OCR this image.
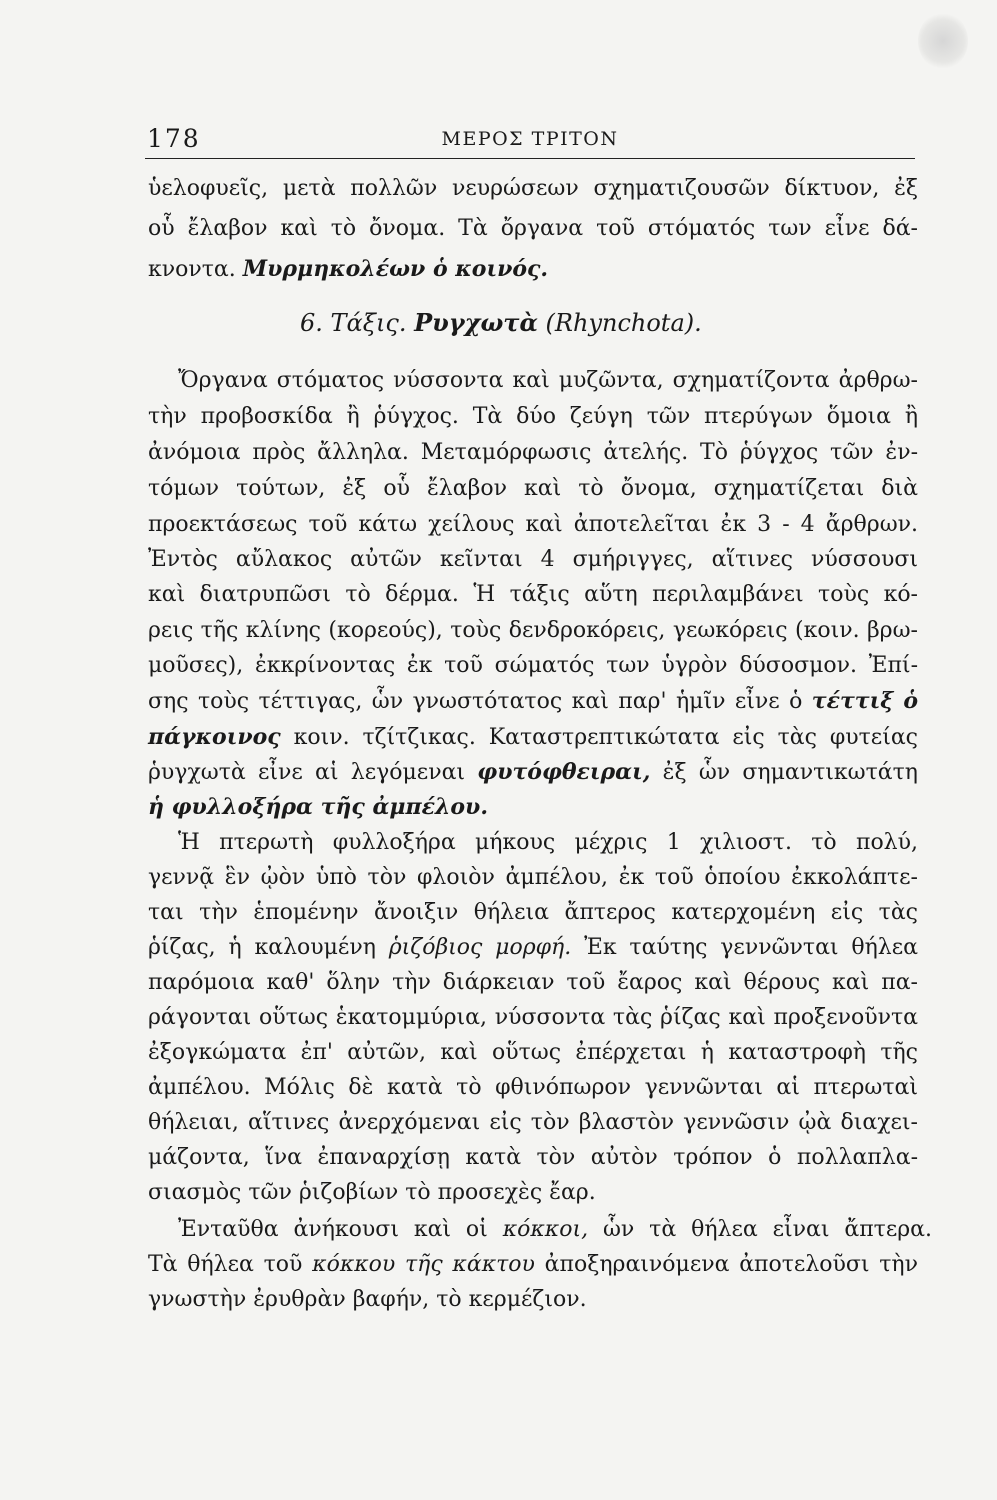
178	ΜΕΡΟΣ ΤΡΙΤΟΝ
ὑελοφυεῖς, μετὰ πολλῶν νευρώσεων σχηματιζουσῶν δίκτυον, ἐξ
οὗ ἔλαβον καὶ τὸ ὄνομα. Τὰ ὄργανα τοῦ στόματός των εἶνε δά-
κνοντα. Μυρμηκολέων ὁ κοινός.
6. Τάξις. Ρυγχωτὰ (Rhynchota).
Ὄργανα στόματος νύσσοντα καὶ μυζῶντα, σχηματίζοντα ἀρθρω-
τὴν προβοσκίδα ἢ ῥύγχος. Τὰ δύο ζεύγη τῶν πτερύγων ὅμοια ἢ
ἀνόμοια πρὸς ἄλληλα. Μεταμόρφωσις ἀτελής. Τὸ ῥύγχος τῶν ἐν-
τόμων τούτων, ἐξ οὗ ἔλαβον καὶ τὸ ὄνομα, σχηματίζεται διὰ
προεκτάσεως τοῦ κάτω χείλους καὶ ἀποτελεῖται ἐκ 3 - 4 ἄρθρων.
Ἐντὸς αὔλακος αὐτῶν κεῖνται 4 σμήριγγες, αἵτινες νύσσουσι
καὶ διατρυπῶσι τὸ δέρμα. Ἡ τάξις αὕτη περιλαμβάνει τοὺς κό-
ρεις τῆς κλίνης (κορεούς), τοὺς δενδροκόρεις, γεωκόρεις (κοιν. βρω-
μοῦσες), ἐκκρίνοντας ἐκ τοῦ σώματός των ὑγρὸν δύσοσμον. Ἐπί-
σης τοὺς τέττιγας, ὧν γνωστότατος καὶ παρ' ἡμῖν εἶνε ὁ τέττιξ ὁ
πάγκοινος κοιν. τζίτζικας. Καταστρεπτικώτατα εἰς τὰς φυτείας
ῥυγχωτὰ εἶνε αἱ λεγόμεναι φυτόφθειραι, ἐξ ὧν σημαντικωτάτη
ἡ φυλλοξήρα τῆς ἀμπέλου.
Ἡ πτερωτὴ φυλλοξήρα μήκους μέχρις 1 χιλιοστ. τὸ πολύ,
γεννᾷ ἓν ᾠὸν ὑπὸ τὸν φλοιὸν ἀμπέλου, ἐκ τοῦ ὁποίου ἐκκολάπτε-
ται τὴν ἑπομένην ἄνοιξιν θήλεια ἄπτερος κατερχομένη εἰς τὰς
ῥίζας, ἡ καλουμένη ῥιζόβιος μορφή. Ἐκ ταύτης γεννῶνται θήλεα
παρόμοια καθ' ὅλην τὴν διάρκειαν τοῦ ἔαρος καὶ θέρους καὶ πα-
ράγονται οὕτως ἑκατομμύρια, νύσσοντα τὰς ῥίζας καὶ προξενοῦντα
ἐξογκώματα ἐπ' αὐτῶν, καὶ οὕτως ἐπέρχεται ἡ καταστροφὴ τῆς
ἀμπέλου. Μόλις δὲ κατὰ τὸ φθινόπωρον γεννῶνται αἱ πτερωταὶ
θήλειαι, αἵτινες ἀνερχόμεναι εἰς τὸν βλαστὸν γεννῶσιν ᾠὰ διαχει-
μάζοντα, ἵνα ἐπαναρχίσῃ κατὰ τὸν αὐτὸν τρόπον ὁ πολλαπλα-
σιασμὸς τῶν ῥιζοβίων τὸ προσεχὲς ἔαρ.
Ἐνταῦθα ἀνήκουσι καὶ οἱ κόκκοι, ὧν τὰ θήλεα εἶναι ἄπτερα.
Τὰ θήλεα τοῦ κόκκου τῆς κάκτου ἀποξηραινόμενα ἀποτελοῦσι τὴν
γνωστὴν ἐρυθρὰν βαφήν, τὸ κερμέζιον.
